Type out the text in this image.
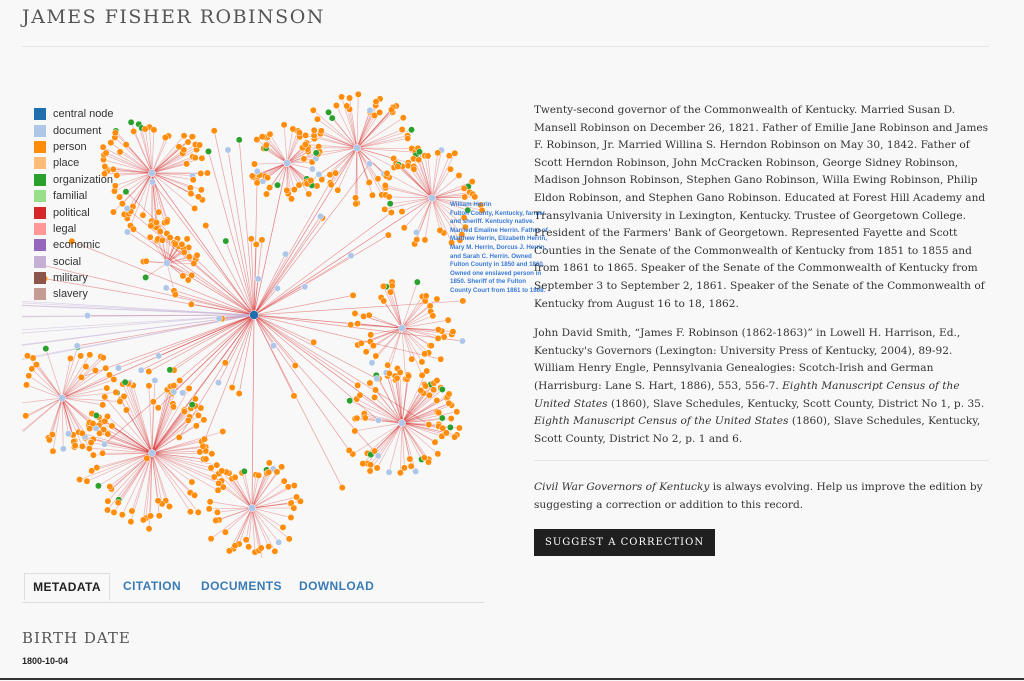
JAMES FISHER ROBINSON
central node
document
person
place
organization
familial
political
legal
economic
social
military
slavery
William Herrin
Fulton County, Kentucky, farmer and sheriff. Kentucky native. Married Emaline Herrin. Father of Matthew Herrin, Elizabeth Herrin, Mary M. Herrin, Dorcus J. Herrin, and Sarah C. Herrin. Owned Fulton County in 1850 and 1860. Owned one enslaved person in 1850. Sheriff of the Fulton County Court from 1861 to 1868.

Twenty-second governor of the Commonwealth of Kentucky. Married Susan D. Mansell Robinson on December 26, 1821. Father of Emilie Jane Robinson and James F. Robinson, Jr. Married Willina S. Herndon Robinson on May 30, 1842. Father of Scott Herndon Robinson, John McCracken Robinson, George Sidney Robinson, Madison Johnson Robinson, Stephen Gano Robinson, Willa Ewing Robinson, Philip Eldon Robinson, and Stephen Gano Robinson. Educated at Forest Hill Academy and Transylvania University in Lexington, Kentucky. Trustee of Georgetown College. President of the Farmers' Bank of Georgetown. Represented Fayette and Scott Counties in the Senate of the Commonwealth of Kentucky from 1851 to 1855 and from 1861 to 1865. Speaker of the Senate of the Commonwealth of Kentucky from September 3 to September 2, 1861. Speaker of the Senate of the Commonwealth of Kentucky from August 16 to 18, 1862.

John David Smith, “James F. Robinson (1862-1863)” in Lowell H. Harrison, Ed., Kentucky's Governors (Lexington: University Press of Kentucky, 2004), 89-92. William Henry Engle, Pennsylvania Genealogies: Scotch-Irish and German (Harrisburg: Lane S. Hart, 1886), 553, 556-7. Eighth Manuscript Census of the United States (1860), Slave Schedules, Kentucky, Scott County, District No 1, p. 35. Eighth Manuscript Census of the United States (1860), Slave Schedules, Kentucky, Scott County, District No 2, p. 1 and 6.

Civil War Governors of Kentucky is always evolving. Help us improve the edition by suggesting a correction or addition to this record.

SUGGEST A CORRECTION
METADATA	CITATION DOCUMENTS DOWNLOAD
BIRTH DATE
1800-10-04
